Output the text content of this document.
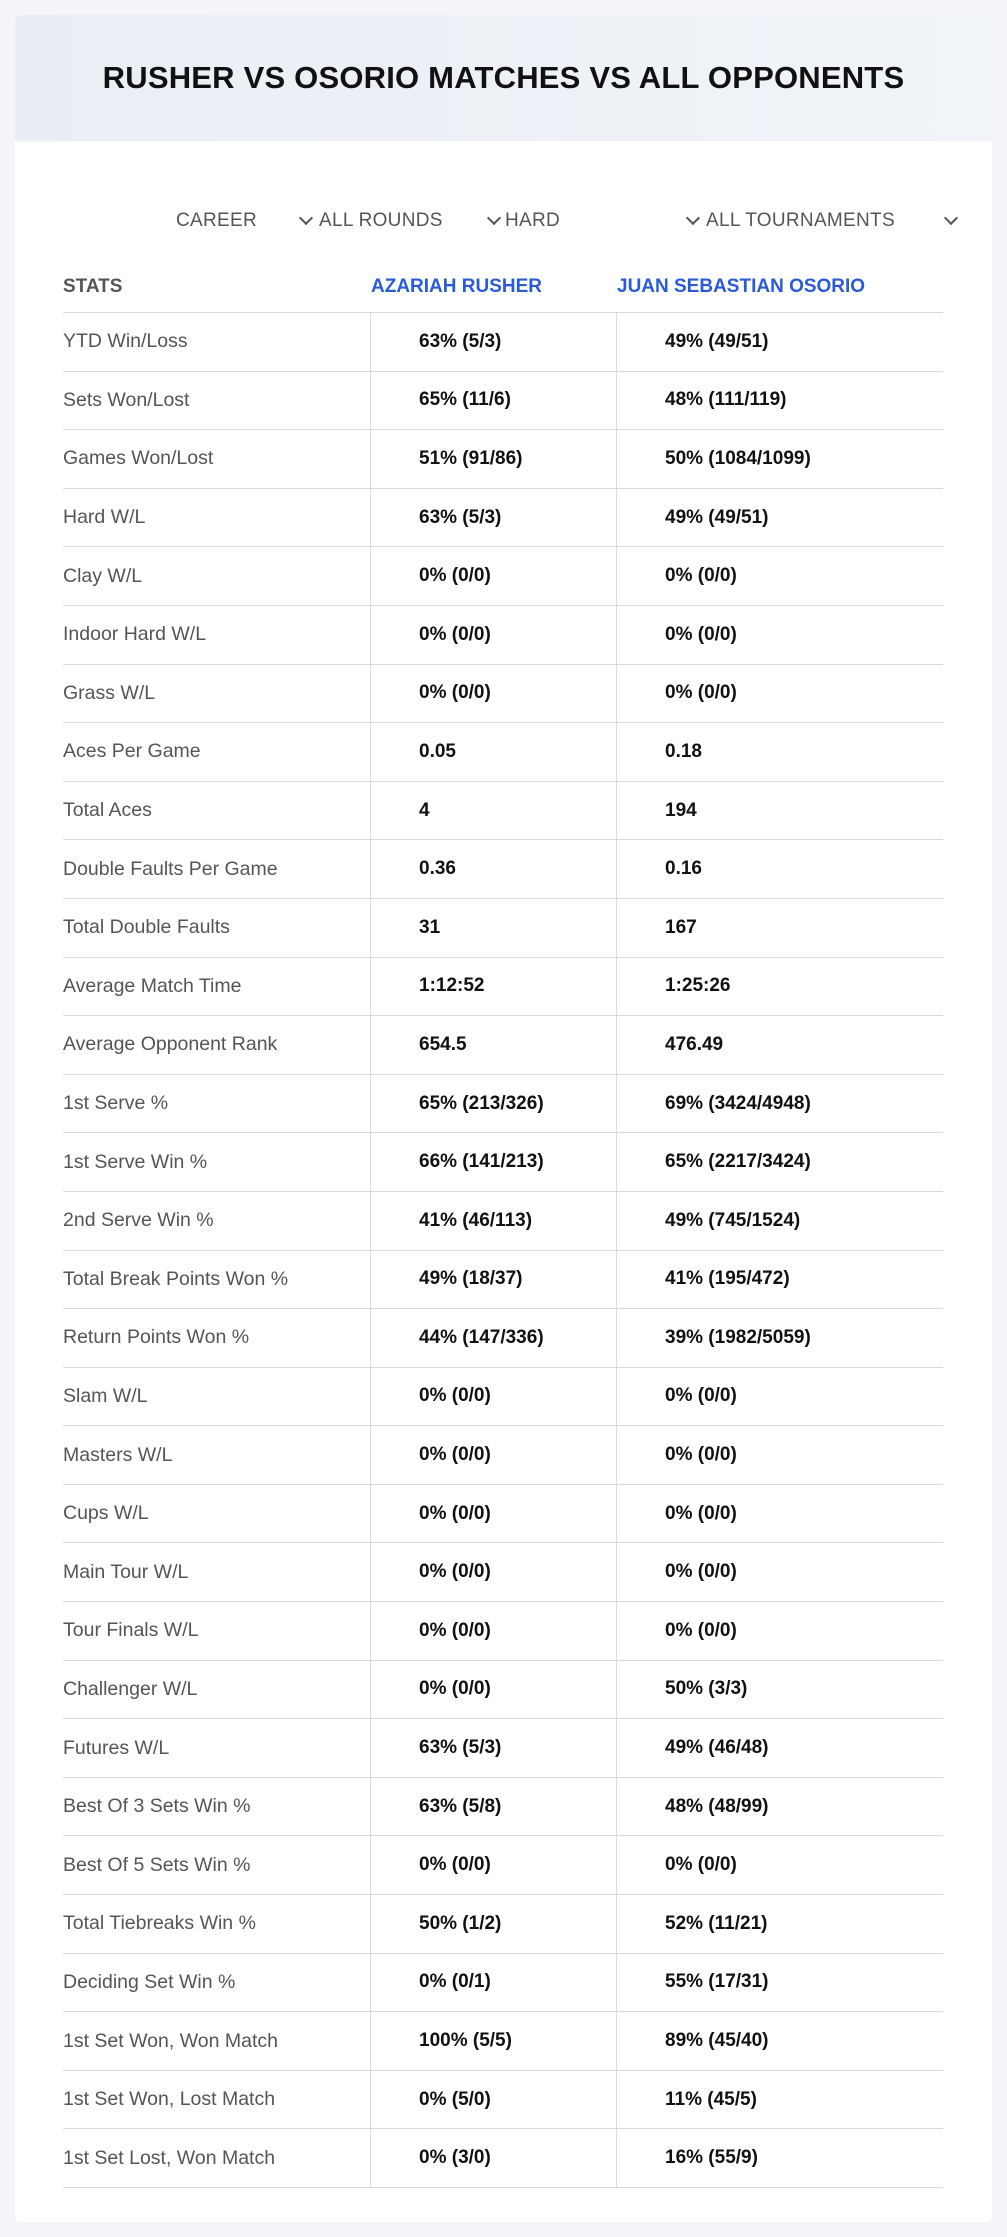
RUSHER VS OSORIO MATCHES VS ALL OPPONENTS
CAREER	ALL ROUNDS	HARD	ALL TOURNAMENTS
STATS	AZARIAH RUSHER	JUAN SEBASTIAN OSORIO
YTD Win/Loss	63% (5/3)	49% (49/51)
Sets Won/Lost	65% (11/6)	48% (111/119)
Games Won/Lost	51% (91/86)	50% (1084/1099)
Hard W/L	63% (5/3)	49% (49/51)
Clay W/L	0% (0/0)	0% (0/0)
Indoor Hard W/L	0% (0/0)	0% (0/0)
Grass W/L	0% (0/0)	0% (0/0)
Aces Per Game	0.05	0.18
Total Aces	4	194
Double Faults Per Game	0.36	0.16
Total Double Faults	31	167
Average Match Time	1:12:52	1:25:26
Average Opponent Rank	654.5	476.49
1st Serve %	65% (213/326)	69% (3424/4948)
1st Serve Win %	66% (141/213)	65% (2217/3424)
2nd Serve Win %	41% (46/113)	49% (745/1524)
Total Break Points Won %	49% (18/37)	41% (195/472)
Return Points Won %	44% (147/336)	39% (1982/5059)
Slam W/L	0% (0/0)	0% (0/0)
Masters W/L	0% (0/0)	0% (0/0)
Cups W/L	0% (0/0)	0% (0/0)
Main Tour W/L	0% (0/0)	0% (0/0)
Tour Finals W/L	0% (0/0)	0% (0/0)
Challenger W/L	0% (0/0)	50% (3/3)
Futures W/L	63% (5/3)	49% (46/48)
Best Of 3 Sets Win %	63% (5/8)	48% (48/99)
Best Of 5 Sets Win %	0% (0/0)	0% (0/0)
Total Tiebreaks Win %	50% (1/2)	52% (11/21)
Deciding Set Win %	0% (0/1)	55% (17/31)
1st Set Won, Won Match	100% (5/5)	89% (45/40)
1st Set Won, Lost Match	0% (5/0)	11% (45/5)
1st Set Lost, Won Match	0% (3/0)	16% (55/9)
